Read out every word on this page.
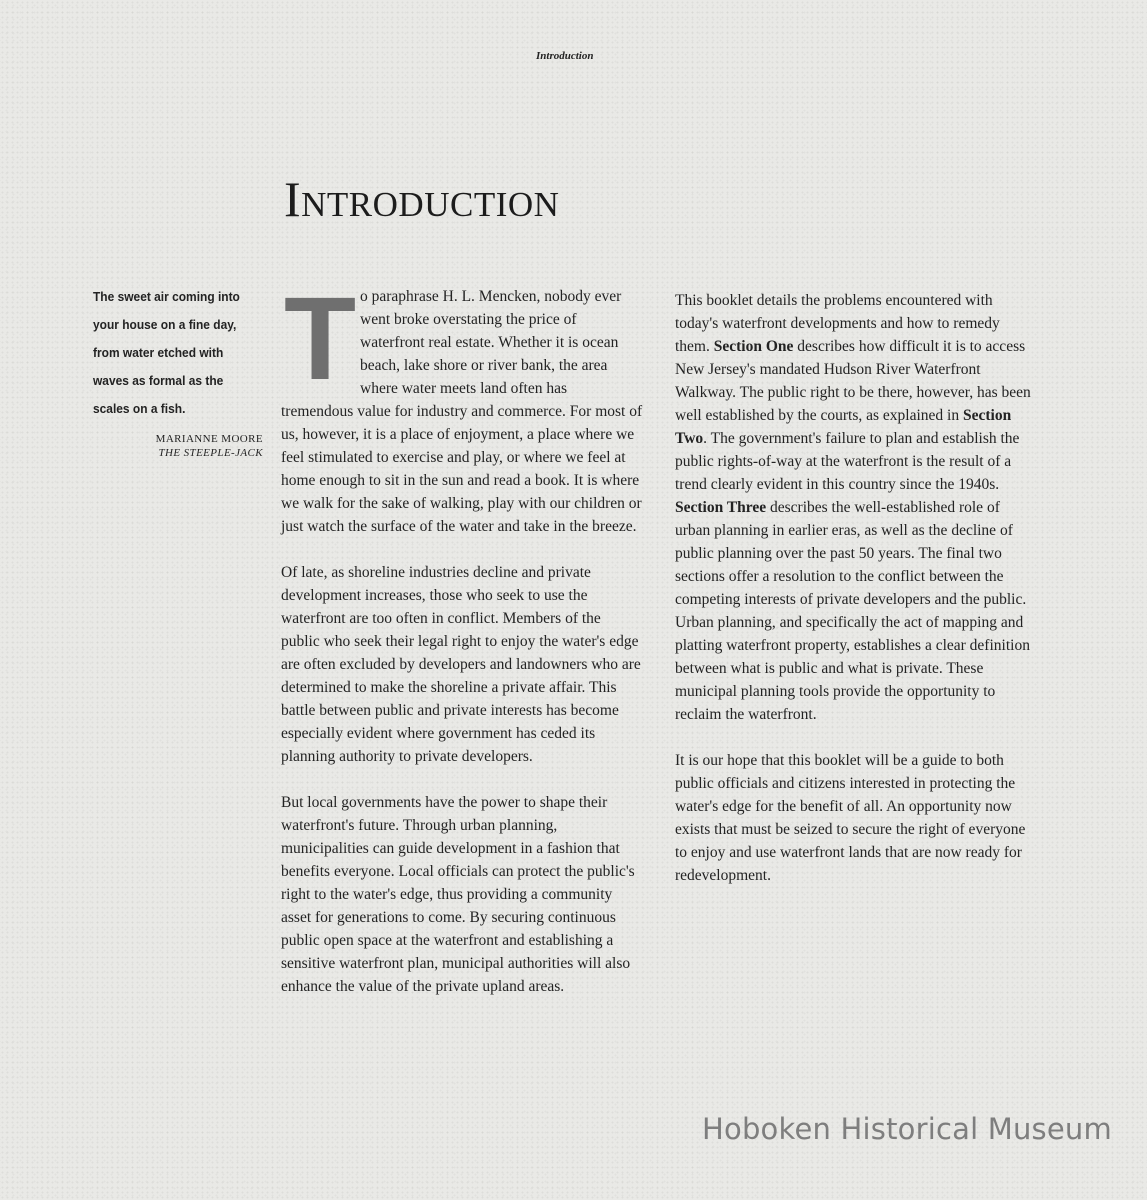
Introduction
Introduction
The sweet air coming into
your house on a fine day,
from water etched with
waves as formal as the
scales on a fish.
MARIANNE MOORE
THE STEEPLE-JACK

T o paraphrase H. L. Mencken, nobody ever went broke overstating the price of waterfront real estate. Whether it is ocean beach, lake shore or river bank, the area where water meets land often has tremendous value for industry and commerce. For most of us, however, it is a place of enjoyment, a place where we feel stimulated to exercise and play, or where we feel at home enough to sit in the sun and read a book. It is where we walk for the sake of walking, play with our children or just watch the surface of the water and take in the breeze.

Of late, as shoreline industries decline and private development increases, those who seek to use the waterfront are too often in conflict. Members of the public who seek their legal right to enjoy the water's edge are often excluded by developers and landowners who are determined to make the shoreline a private affair. This battle between public and private interests has become especially evident where government has ceded its planning authority to private developers.

But local governments have the power to shape their waterfront's future. Through urban planning, municipalities can guide development in a fashion that benefits everyone. Local officials can protect the public's right to the water's edge, thus providing a community asset for generations to come. By securing continuous public open space at the waterfront and establishing a sensitive waterfront plan, municipal authorities will also enhance the value of the private upland areas.

This booklet details the problems encountered with today's waterfront developments and how to remedy them. Section One describes how difficult it is to access New Jersey's mandated Hudson River Waterfront Walkway. The public right to be there, however, has been well established by the courts, as explained in Section Two. The government's failure to plan and establish the public rights-of-way at the waterfront is the result of a trend clearly evident in this country since the 1940s. Section Three describes the well-established role of urban planning in earlier eras, as well as the decline of public planning over the past 50 years. The final two sections offer a resolution to the conflict between the competing interests of private developers and the public. Urban planning, and specifically the act of mapping and platting waterfront property, establishes a clear definition between what is public and what is private. These municipal planning tools provide the opportunity to reclaim the waterfront.

It is our hope that this booklet will be a guide to both public officials and citizens interested in protecting the water's edge for the benefit of all. An opportunity now exists that must be seized to secure the right of everyone to enjoy and use waterfront lands that are now ready for redevelopment.

Hoboken Historical Museum
